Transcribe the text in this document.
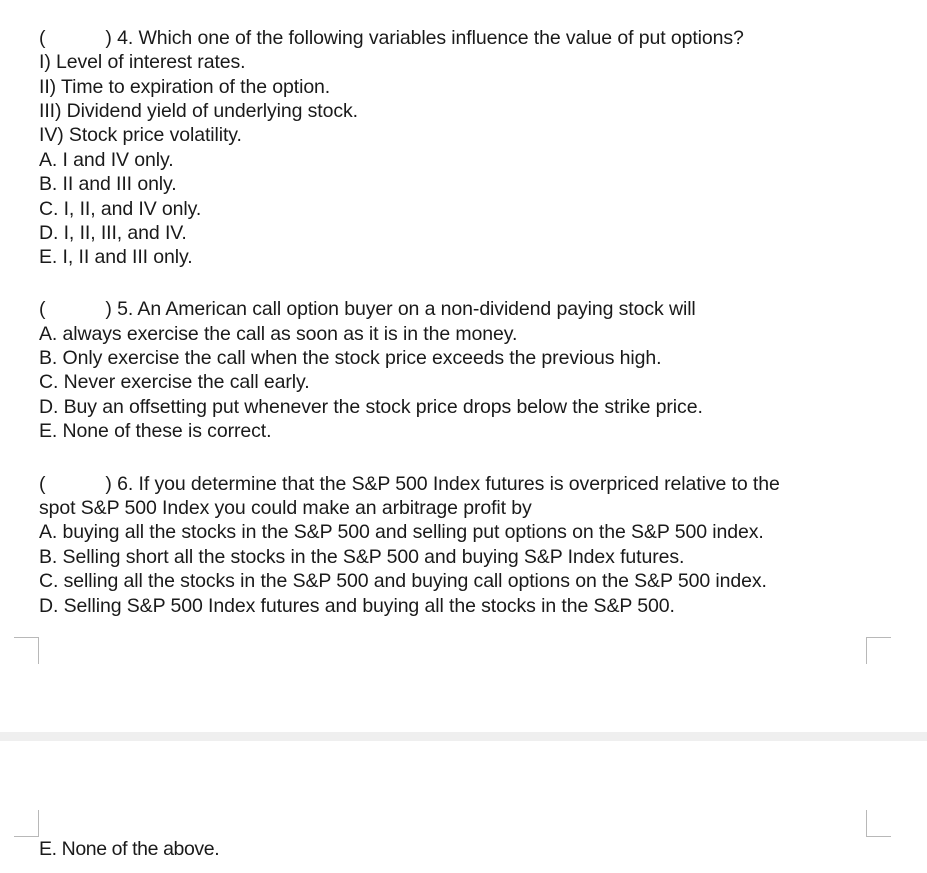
(	) 4. Which one of the following variables influence the value of put options?
I) Level of interest rates.
II) Time to expiration of the option.
III) Dividend yield of underlying stock.
IV) Stock price volatility.
A. I and IV only.
B. II and III only.
C. I, II, and IV only.
D. I, II, III, and IV.
E. I, II and III only.
(	) 5. An American call option buyer on a non-dividend paying stock will
A. always exercise the call as soon as it is in the money.
B. Only exercise the call when the stock price exceeds the previous high.
C. Never exercise the call early.
D. Buy an offsetting put whenever the stock price drops below the strike price.
E. None of these is correct.
(	) 6. If you determine that the S&P 500 Index futures is overpriced relative to the
spot S&P 500 Index you could make an arbitrage profit by
A. buying all the stocks in the S&P 500 and selling put options on the S&P 500 index.
B. Selling short all the stocks in the S&P 500 and buying S&P Index futures.
C. selling all the stocks in the S&P 500 and buying call options on the S&P 500 index.
D. Selling S&P 500 Index futures and buying all the stocks in the S&P 500.
E. None of the above.
